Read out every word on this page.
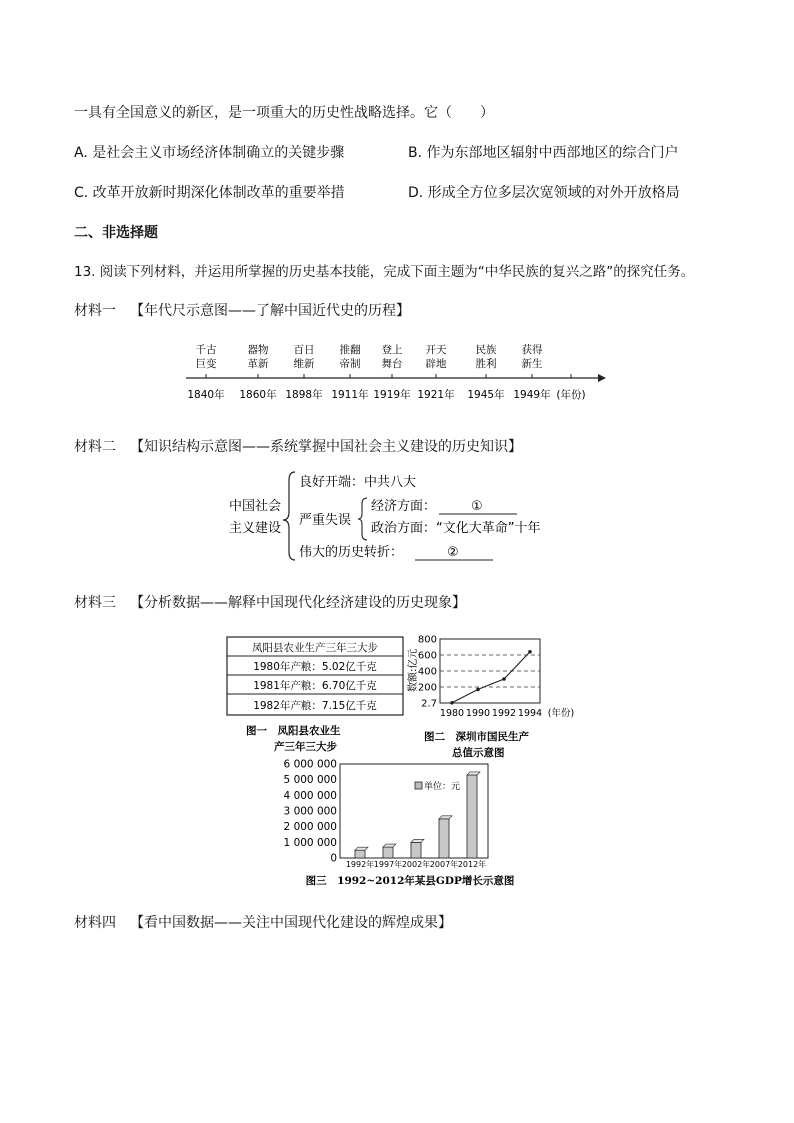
一具有全国意义的新区，是一项重大的历史性战略选择。它（　　）
A. 是社会主义市场经济体制确立的关键步骤	B. 作为东部地区辐射中西部地区的综合门户
C. 改革开放新时期深化体制改革的重要举措	D. 形成全方位多层次宽领域的对外开放格局
二、非选择题
13. 阅读下列材料，并运用所掌握的历史基本技能，完成下面主题为“中华民族的复兴之路”的探究任务。
材料一 【年代尺示意图——了解中国近代史的历程】
千古
巨变
1840年
器物
革新
1860年
百日
维新
1898年
推翻
帝制
1911年
登上
舞台
1919年
开天
辟地
1921年
民族
胜利
1945年
获得
新生
1949年 (年份)
材料二 【知识结构示意图——系统掌握中国社会主义建设的历史知识】
中国社会
主义建设
良好开端：中共八大
严重失误
经济方面：	①
政治方面：“文化大革命”十年
伟大的历史转折：	②
材料三 【分析数据——解释中国现代化经济建设的历史现象】
凤阳县农业生产三年三大步
1980年产粮：5.02亿千克
1981年产粮：6.70亿千克
1982年产粮：7.15亿千克
图一　凤阳县农业生
产三年三大步
800
600
400
200
2.7
数额:亿元
1980 1990 1992 1994 (年份)
图二　深圳市国民生产
总值示意图
6 000 000
5 000 000
4 000 000
3 000 000
2 000 000
1 000 000
0 1992年 1997年 2002年 2007年 2012年
单位：元
图三　1992~2012年某县GDP增长示意图
材料四 【看中国数据——关注中国现代化建设的辉煌成果】
